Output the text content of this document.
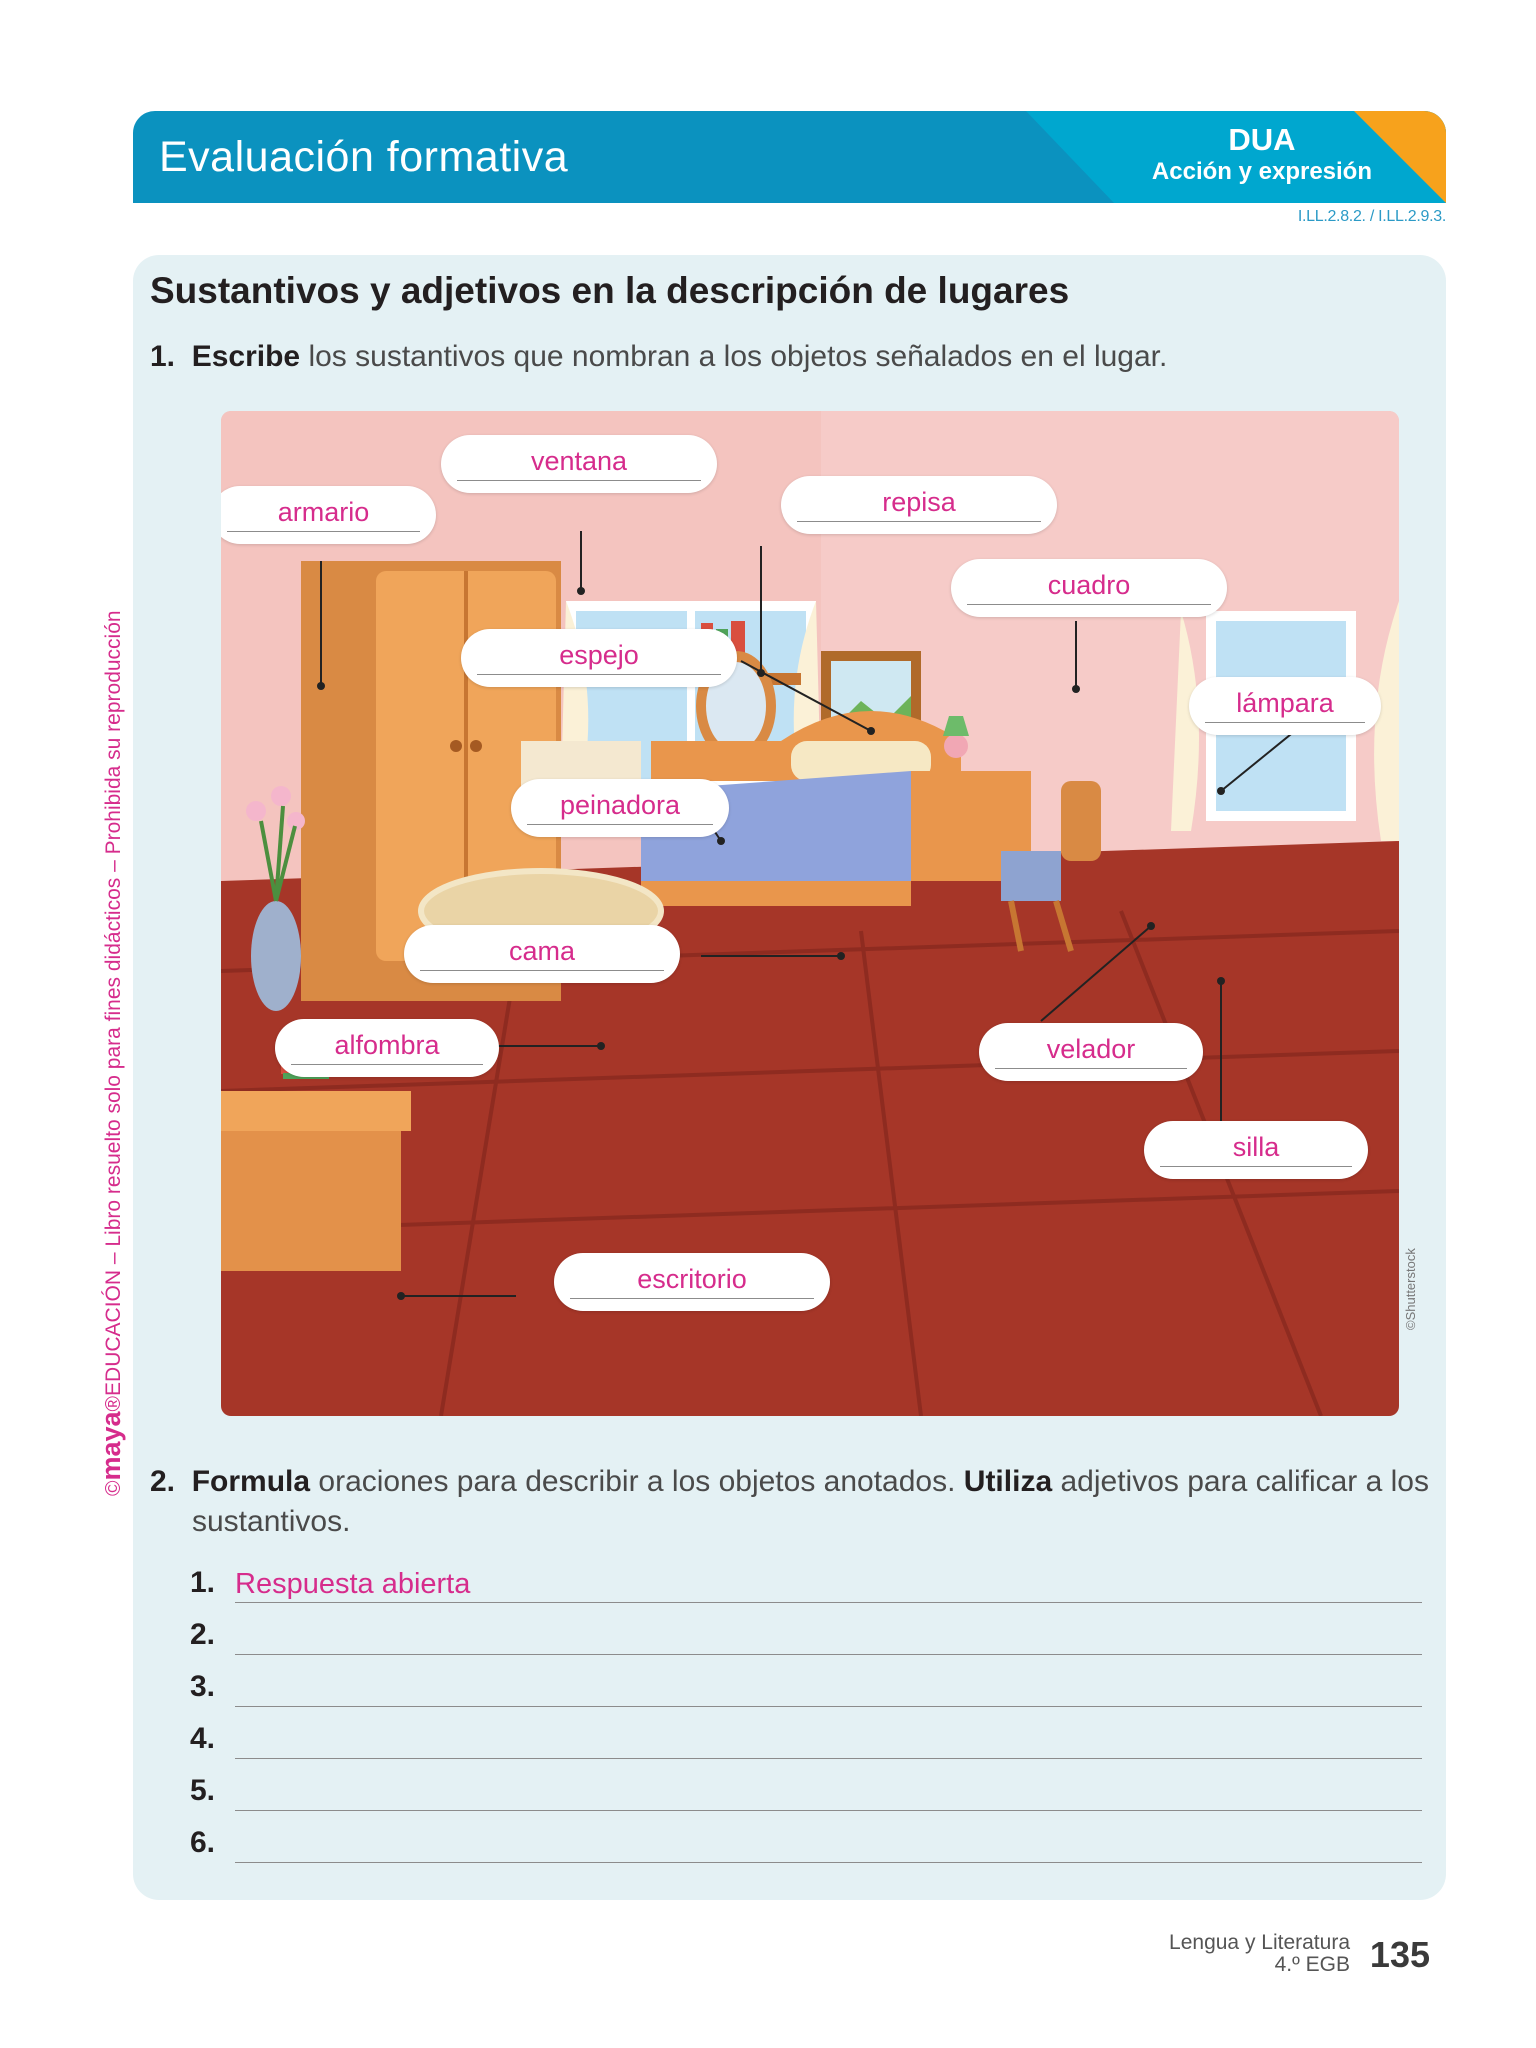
Evaluación formativa	DUA
Acción y expresión
I.LL.2.8.2. / I.LL.2.9.3.
Sustantivos y adjetivos en la descripción de lugares
1. Escribe los sustantivos que nombran a los objetos señalados en el lugar.
armario
ventana
repisa
cuadro
espejo
lámpara
peinadora
cama
alfombra	velador
silla
escritorio	©Shutterstock
2. Formula oraciones para describir a los objetos anotados. Utiliza adjetivos para calificar a los
sustantivos.
1. Respuesta abierta
2.
3.
4.
5.
6.
©maya®EDUCACIÓN – Libro resuelto solo para fines didácticos – Prohibida su reproducción
Lengua y Literatura
4.º EGB 135
